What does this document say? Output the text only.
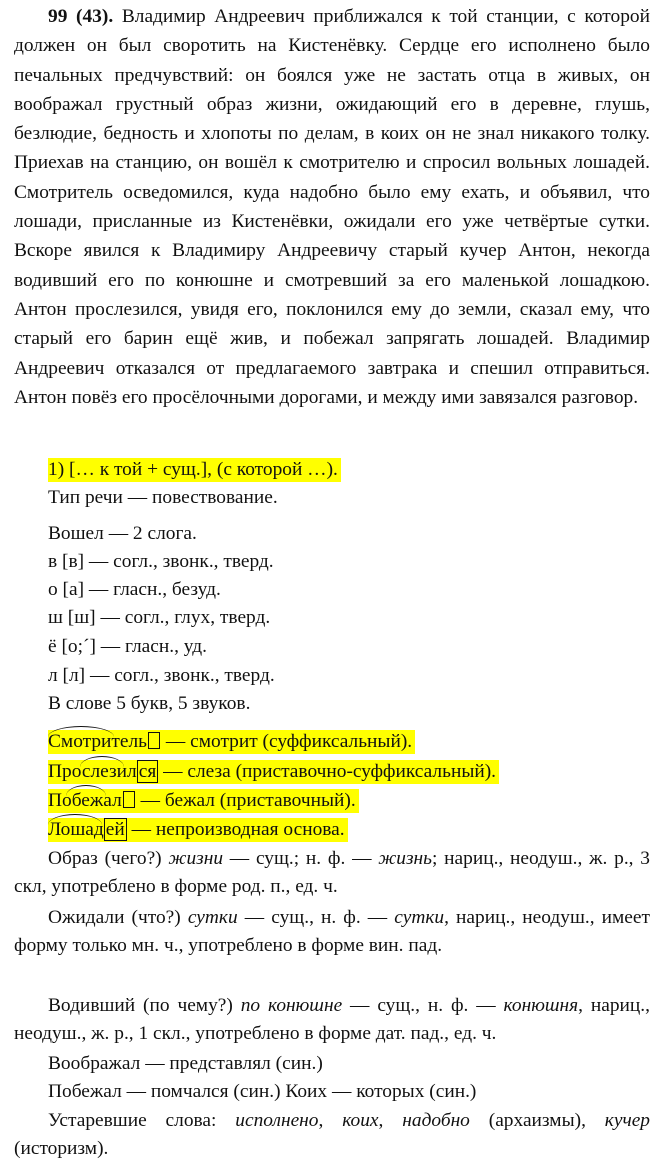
99 (43). Владимир Андреевич приближался к той станции, с которой должен он был своротить на Кистенёвку. Сердце его исполнено было печальных предчувствий: он боялся уже не застать отца в живых, он воображал грустный образ жизни, ожидающий его в деревне, глушь, безлюдие, бедность и хлопоты по делам, в коих он не знал никакого толку. Приехав на станцию, он вошёл к смотрителю и спросил вольных лошадей. Смотритель осведомился, куда надобно было ему ехать, и объявил, что лошади, присланные из Кистенёвки, ожидали его уже четвёртые сутки. Вскоре явился к Владимиру Андреевичу старый кучер Антон, некогда водивший его по конюшне и смотревший за его маленькой лошадкою. Антон прослезился, увидя его, поклонился ему до земли, сказал ему, что старый его барин ещё жив, и побежал запрягать лошадей. Владимир Андреевич отказался от предлагаемого завтрака и спешил отправиться. Антон повёз его просёлочными дорогами, и между ими завязался разговор.
1) [… к той + сущ.], (с которой …).
Тип речи — повествование.
Вошел — 2 слога.
в [в] — согл., звонк., тверд.
о [а] — гласн., безуд.
ш [ш] — согл., глух, тверд.
ё [о;´] — гласн., уд.
л [л] — согл., звонк., тверд.
В слове 5 букв, 5 звуков.
Смотритель — смотрит (суффиксальный).
Прослезил ся — слеза (приставочно-суффиксальный).
Побежал — бежал (приставочный).
Лошад ей — непроизводная основа.
Образ (чего?) жизни — сущ.; н. ф. — жизнь; нариц., неодуш., ж. р., 3 скл, употреблено в форме род. п., ед. ч.
Ожидали (что?) сутки — сущ., н. ф. — сутки, нариц., неодуш., имеет форму только мн. ч., употреблено в форме вин. пад.
Водивший (по чему?) по конюшне — сущ., н. ф. — конюшня, нариц., неодуш., ж. р., 1 скл., употреблено в форме дат. пад., ед. ч.
Воображал — представлял (син.)
Побежал — помчался (син.) Коих — которых (син.)
Устаревшие слова: исполнено, коих, надобно (архаизмы), кучер (историзм).
